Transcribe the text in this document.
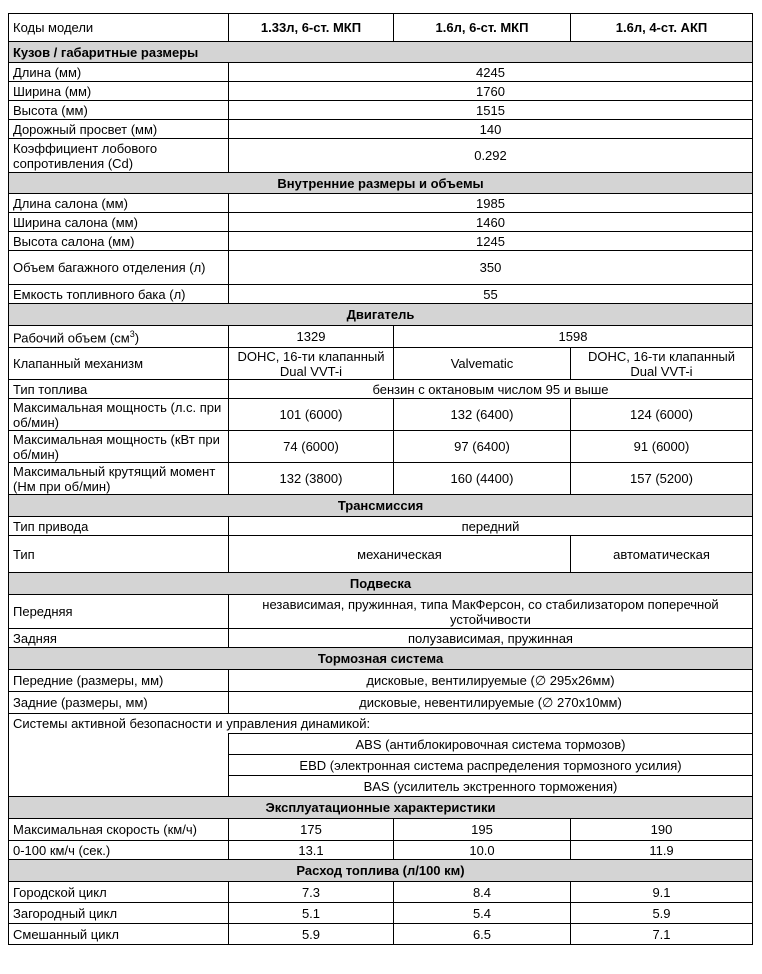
Коды модели	1.33л, 6-ст. МКП	1.6л, 6-ст. МКП	1.6л, 4-ст. АКП
Кузов / габаритные размеры			
Длина (мм)	4245		
Ширина (мм)	1760		
Высота (мм)	1515		
Дорожный просвет (мм)	140		
Коэффициент лобового сопротивления (Cd)	0.292		
Внутренние размеры и объемы			
Длина салона (мм)	1985		
Ширина салона (мм)	1460		
Высота салона (мм)	1245		
Объем багажного отделения (л)	350		
Емкость топливного бака (л)	55		
Двигатель			
Рабочий объем $(см^3)$	1329	1598	
Клапанный механизм	DOHC, 16-ти клапанный Dual VVT-i	Valvematic	DOHC, 16-ти клапанный Dual VVT-i
Тип топлива	бензин с октановым числом 95 и выше		
Максимальная мощность (л.с. при об/мин)	101 (6000)	132 (6400)	124 (6000)
Максимальная мощность (кВт при об/мин)	74 (6000)	97 (6400)	91 (6000)
Максимальный крутящий момент (Нм при об/мин)	132 (3800)	160 (4400)	157 (5200)
Трансмиссия			
Тип привода	передний		
Тип	механическая		автоматическая
Подвеска			
Передняя	независимая, пружинная, типа МакФерсон, со стабилизатором поперечной устойчивости		
Задняя	полузависимая, пружинная		
Тормозная система			
Передние (размеры, мм)	дисковые, вентилируемые (∅ 295x26мм)		
Задние (размеры, мм)	дисковые, невентилируемые (∅ 270x10мм)		
Системы активной безопасности и управления динамикой:			
	ABS (антиблокировочная система тормозов)		
	EBD (электронная система распределения тормозного усилия)		
	BAS (усилитель экстренного торможения)		
Эксплуатационные характеристики			
Максимальная скорость (км/ч)	175	195	190
0-100 км/ч (сек.)	13.1	10.0	11.9
Расход топлива (л/100 км)			
Городской цикл	7.3	8.4	9.1
Загородный цикл	5.1	5.4	5.9
Смешанный цикл	5.9	6.5	7.1
